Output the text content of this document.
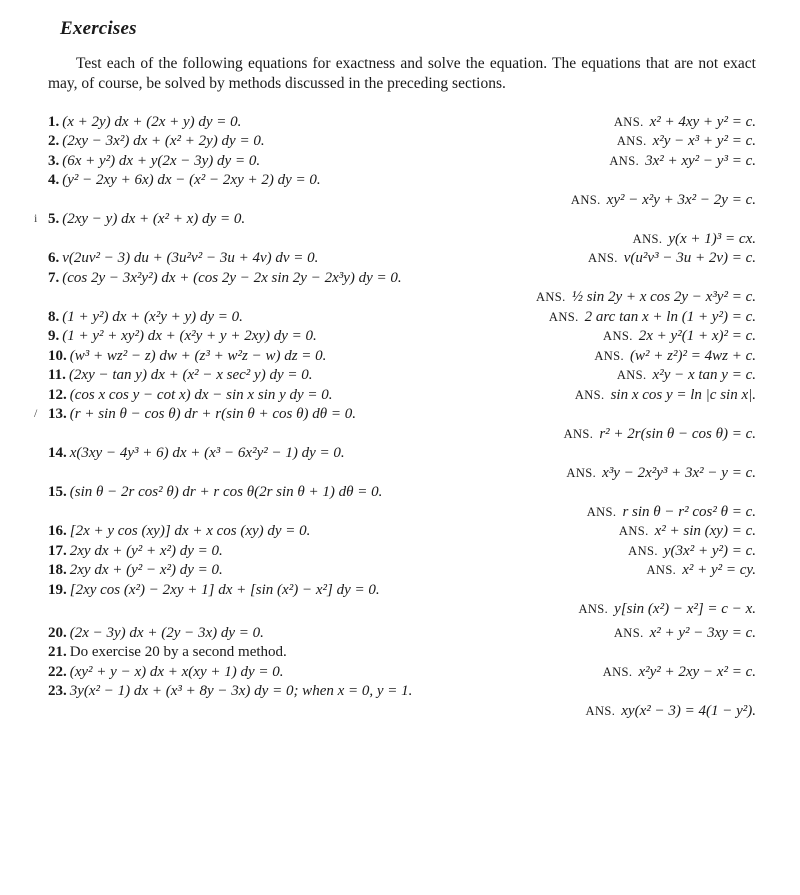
Exercises

Test each of the following equations for exactness and solve the equation. The equations that are not exact may, of course, be solved by methods discussed in the preceding sections.

1. (x + 2y) dx + (2x + y) dy = 0.	ANS. x² + 4xy + y² = c.
2. (2xy − 3x²) dx + (x² + 2y) dy = 0.	ANS. x²y − x³ + y² = c.
3. (6x + y²) dx + y(2x − 3y) dy = 0.	ANS. 3x² + xy² − y³ = c.
4. (y² − 2xy + 6x) dx − (x² − 2xy + 2) dy = 0.
ANS. xy² − x²y + 3x² − 2y = c.
i 5. (2xy − y) dx + (x² + x) dy = 0.
ANS. y(x + 1)³ = cx.
6. v(2uv² − 3) du + (3u²v² − 3u + 4v) dv = 0.	ANS. v(u²v³ − 3u + 2v) = c.
7. (cos 2y − 3x²y²) dx + (cos 2y − 2x sin 2y − 2x³y) dy = 0.
ANS. ½ sin 2y + x cos 2y − x³y² = c.
8. (1 + y²) dx + (x²y + y) dy = 0.	ANS. 2 arc tan x + ln (1 + y²) = c.
9. (1 + y² + xy²) dx + (x²y + y + 2xy) dy = 0.	ANS. 2x + y²(1 + x)² = c.
10. (w³ + wz² − z) dw + (z³ + w²z − w) dz = 0.	ANS. (w² + z²)² = 4wz + c.
11. (2xy − tan y) dx + (x² − x sec² y) dy = 0.	ANS. x²y − x tan y = c.
12. (cos x cos y − cot x) dx − sin x sin y dy = 0.	ANS. sin x cos y = ln |c sin x|.
/ 13. (r + sin θ − cos θ) dr + r(sin θ + cos θ) dθ = 0.
ANS. r² + 2r(sin θ − cos θ) = c.
14. x(3xy − 4y³ + 6) dx + (x³ − 6x²y² − 1) dy = 0.
ANS. x³y − 2x²y³ + 3x² − y = c.
15. (sin θ − 2r cos² θ) dr + r cos θ(2r sin θ + 1) dθ = 0.
ANS. r sin θ − r² cos² θ = c.
16. [2x + y cos (xy)] dx + x cos (xy) dy = 0.	ANS. x² + sin (xy) = c.
17. 2xy dx + (y² + x²) dy = 0.	ANS. y(3x² + y²) = c.
18. 2xy dx + (y² − x²) dy = 0.	ANS. x² + y² = cy.
19. [2xy cos (x²) − 2xy + 1] dx + [sin (x²) − x²] dy = 0.
ANS. y[sin (x²) − x²] = c − x.
20. (2x − 3y) dx + (2y − 3x) dy = 0.	ANS. x² + y² − 3xy = c.
21. Do exercise 20 by a second method.
22. (xy² + y − x) dx + x(xy + 1) dy = 0.	ANS. x²y² + 2xy − x² = c.
23. 3y(x² − 1) dx + (x³ + 8y − 3x) dy = 0; when x = 0, y = 1.
ANS. xy(x² − 3) = 4(1 − y²).
